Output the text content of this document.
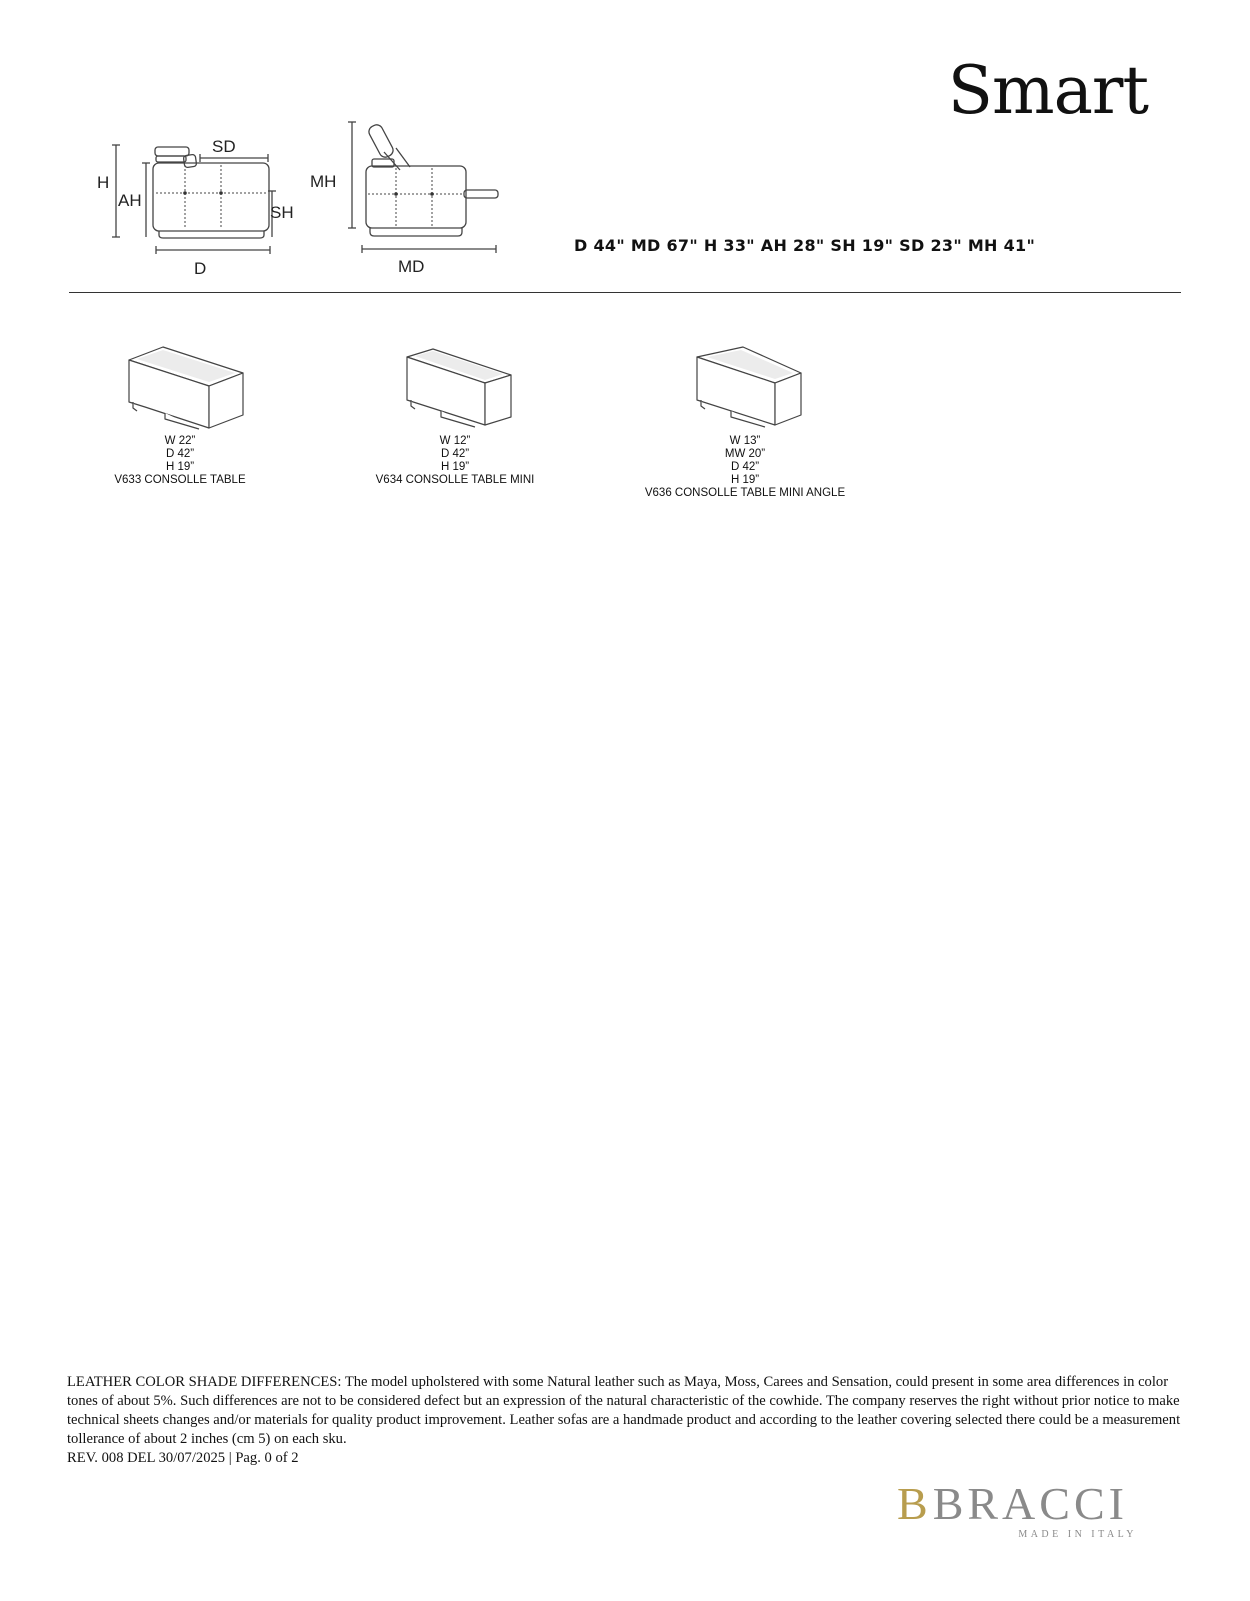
Smart
H
AH
SD
SH
D
MH
MD
D 44" MD 67" H 33" AH 28" SH 19" SD 23" MH 41"
W 22”
D 42”
H 19”
V633 CONSOLLE TABLE
W 12”
D 42”
H 19”
V634 CONSOLLE TABLE MINI
W 13”
MW 20”
D 42”
H 19”
V636 CONSOLLE TABLE MINI ANGLE

LEATHER COLOR SHADE DIFFERENCES: The model upholstered with some Natural leather such as Maya, Moss, Carees and Sensation, could present in some area differences in color tones of about 5%. Such differences are not to be considered defect but an expression of the natural characteristic of the cowhide. The company reserves the right without prior notice to make technical sheets changes and/or materials for quality product improvement. Leather sofas are a handmade product and according to the leather covering selected there could be a measurement tollerance of about 2 inches (cm 5) on each sku.

REV. 008 DEL 30/07/2025 | Pag. 0 of 2

BBRACCI
MADE IN ITALY
